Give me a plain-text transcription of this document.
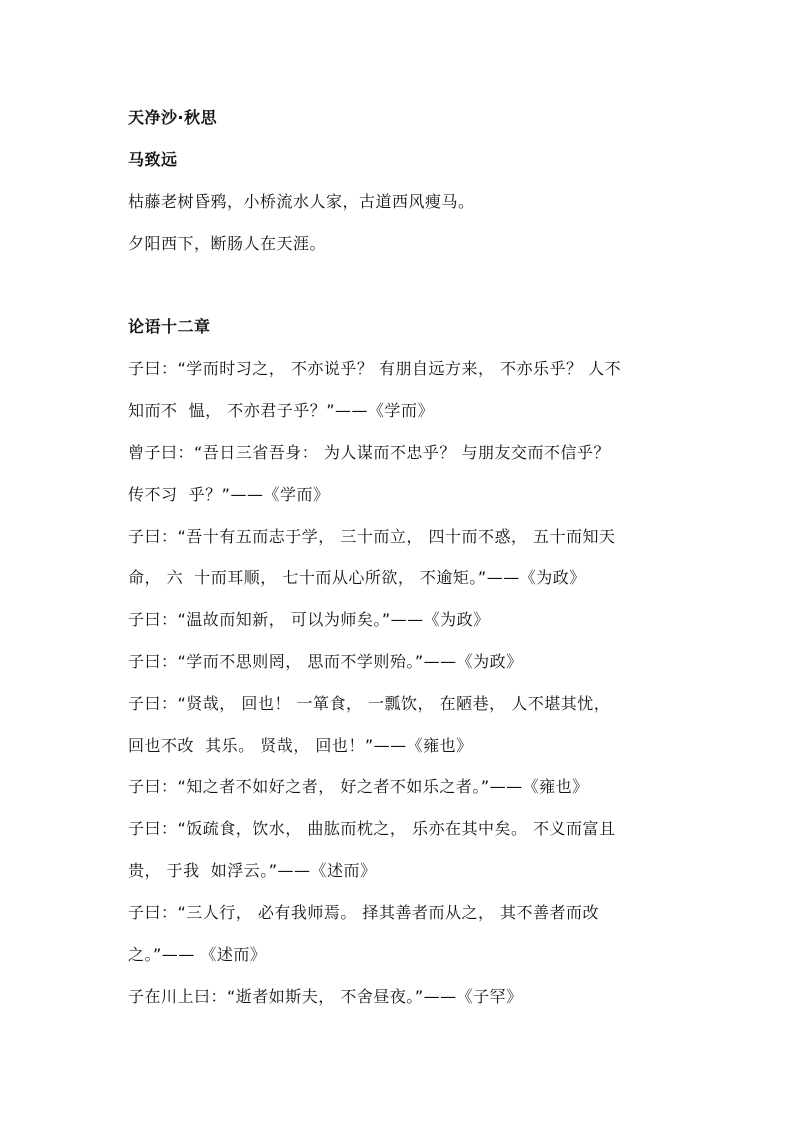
天净沙·秋思
马致远
枯藤老树昏鸦，小桥流水人家，古道西风瘦马。
夕阳西下，断肠人在天涯。
论语十二章
子曰：“学而时习之， 不亦说乎？ 有朋自远方来， 不亦乐乎？ 人不
知而不  愠， 不亦君子乎？”——《学而》
曾子曰：“吾日三省吾身： 为人谋而不忠乎？ 与朋友交而不信乎？
传不习  乎？”——《学而》
子曰：“吾十有五而志于学， 三十而立， 四十而不惑， 五十而知天
命， 六  十而耳顺， 七十而从心所欲， 不逾矩。”——《为政》
子曰：“温故而知新， 可以为师矣。”——《为政》
子曰：“学而不思则罔， 思而不学则殆。”——《为政》
子曰：“贤哉， 回也！ 一箪食， 一瓢饮， 在陋巷， 人不堪其忧，
回也不改  其乐。 贤哉， 回也！”——《雍也》
子曰：“知之者不如好之者， 好之者不如乐之者。”——《雍也》
子曰：“饭疏食，饮水， 曲肱而枕之， 乐亦在其中矣。 不义而富且
贵， 于我  如浮云。”——《述而》
子曰：“三人行， 必有我师焉。 择其善者而从之， 其不善者而改
之。”—— 《述而》
子在川上曰：“逝者如斯夫， 不舍昼夜。”——《子罕》
